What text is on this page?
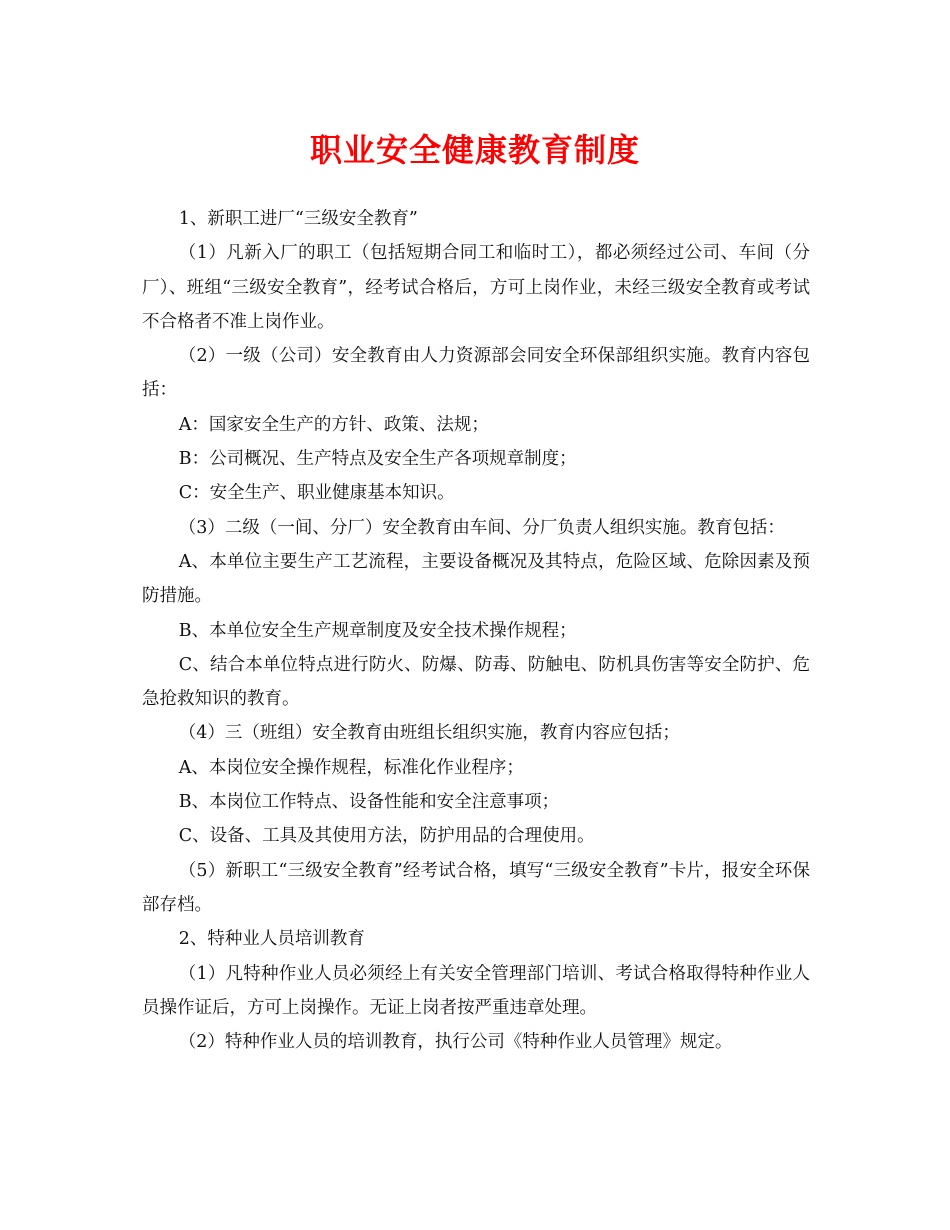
职业安全健康教育制度

1、新职工进厂“三级安全教育”

（1）凡新入厂的职工（包括短期合同工和临时工），都必须经过公司、车间（分厂）、班组“三级安全教育”，经考试合格后，方可上岗作业，未经三级安全教育或考试不合格者不准上岗作业。

（2）一级（公司）安全教育由人力资源部会同安全环保部组织实施。教育内容包括：

A：国家安全生产的方针、政策、法规；

B：公司概况、生产特点及安全生产各项规章制度；

C：安全生产、职业健康基本知识。

（3）二级（一间、分厂）安全教育由车间、分厂负责人组织实施。教育包括：

A、本单位主要生产工艺流程，主要设备概况及其特点，危险区域、危除因素及预防措施。

B、本单位安全生产规章制度及安全技术操作规程；

C、结合本单位特点进行防火、防爆、防毒、防触电、防机具伤害等安全防护、危急抢救知识的教育。

（4）三（班组）安全教育由班组长组织实施，教育内容应包括；

A、本岗位安全操作规程，标准化作业程序；

B、本岗位工作特点、设备性能和安全注意事项；

C、设备、工具及其使用方法，防护用品的合理使用。

（5）新职工“三级安全教育”经考试合格，填写“三级安全教育”卡片，报安全环保部存档。

2、特种业人员培训教育

（1）凡特种作业人员必须经上有关安全管理部门培训、考试合格取得特种作业人员操作证后，方可上岗操作。无证上岗者按严重违章处理。

（2）特种作业人员的培训教育，执行公司《特种作业人员管理》规定。
